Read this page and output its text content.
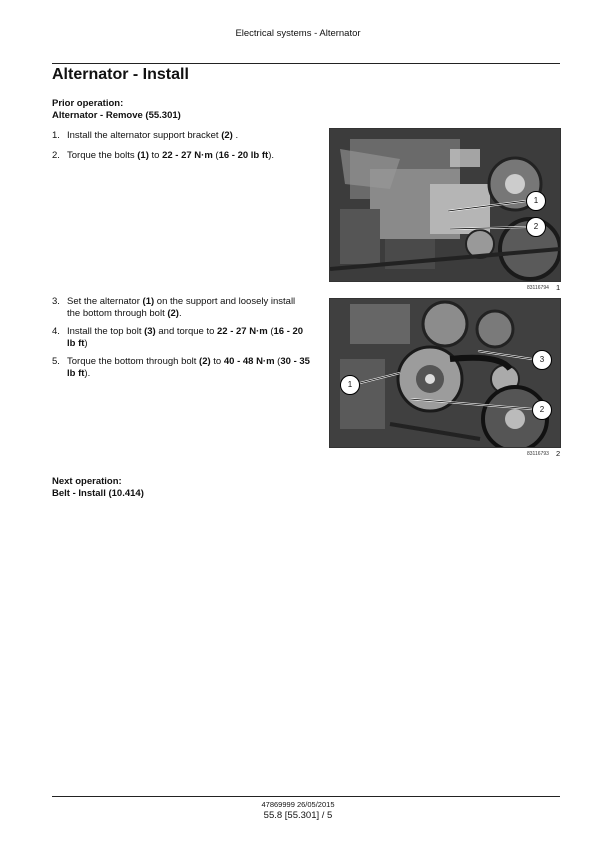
Electrical systems - Alternator
Alternator - Install
Prior operation:
Alternator - Remove (55.301)
1. Install the alternator support bracket (2) .
2. Torque the bolts (1) to 22 - 27 N·m (16 - 20 lb ft).
3. Set the alternator (1) on the support and loosely install the bottom through bolt (2).
4. Install the top bolt (3) and torque to 22 - 27 N·m (16 - 20 lb ft)
5. Torque the bottom through bolt (2) to 40 - 48 N·m (30 - 35 lb ft).
1
2
83116794 1
3
1
2
83116793 2
Next operation:
Belt - Install (10.414)
47869999 26/05/2015
55.8 [55.301] / 5
